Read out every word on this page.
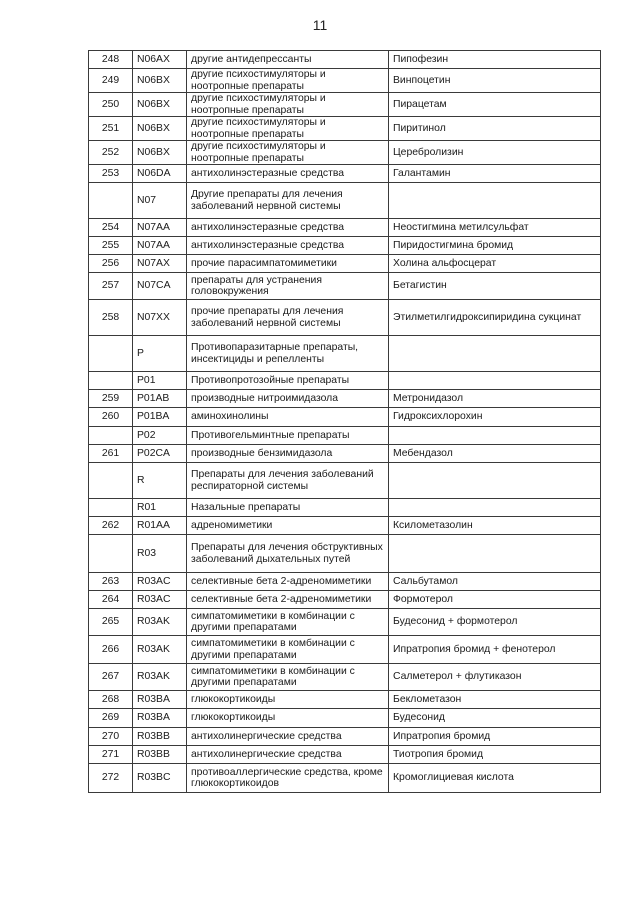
11
248	N06AX	другие антидепрессанты	Пипофезин
249	N06BX	другие психостимуляторы и ноотропные препараты	Винпоцетин
250	N06BX	другие психостимуляторы и ноотропные препараты	Пирацетам
251	N06BX	другие психостимуляторы и ноотропные препараты	Пиритинол
252	N06BX	другие психостимуляторы и ноотропные препараты	Церебролизин
253	N06DA	антихолинэстеразные средства	Галантамин
	N07	Другие препараты для лечения заболеваний нервной системы	
254	N07AA	антихолинэстеразные средства	Неостигмина метилсульфат
255	N07AA	антихолинэстеразные средства	Пиридостигмина бромид
256	N07AX	прочие парасимпатомиметики	Холина альфосцерат
257	N07CA	препараты для устранения головокружения	Бетагистин
258	N07XX	прочие препараты для лечения заболеваний нервной системы	Этилметилгидроксипиридина сукцинат
	P	Противопаразитарные препараты, инсектициды и репелленты	
	P01	Противопротозойные препараты	
259	P01AB	производные нитроимидазола	Метронидазол
260	P01BA	аминохинолины	Гидроксихлорохин
	P02	Противогельминтные препараты	
261	P02CA	производные бензимидазола	Мебендазол
	R	Препараты для лечения заболеваний респираторной системы	
	R01	Назальные препараты	
262	R01AA	адреномиметики	Ксилометазолин
	R03	Препараты для лечения обструктивных заболеваний дыхательных путей	
263	R03AC	селективные бета 2-адреномиметики	Сальбутамол
264	R03AC	селективные бета 2-адреномиметики	Формотерол
265	R03AK	симпатомиметики в комбинации с другими препаратами	Будесонид + формотерол
266	R03AK	симпатомиметики в комбинации с другими препаратами	Ипратропия бромид + фенотерол
267	R03AK	симпатомиметики в комбинации с другими препаратами	Салметерол + флутиказон
268	R03BA	глюкокортикоиды	Беклометазон
269	R03BA	глюкокортикоиды	Будесонид
270	R03BB	антихолинергические средства	Ипратропия бромид
271	R03BB	антихолинергические средства	Тиотропия бромид
272	R03BC	противоаллергические средства, кроме глюкокортикоидов	Кромоглициевая кислота
